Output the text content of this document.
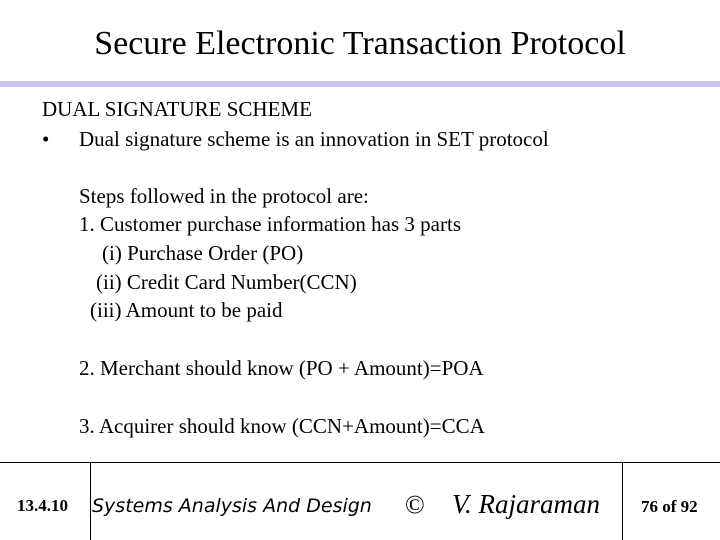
Secure Electronic Transaction Protocol
DUAL SIGNATURE SCHEME
• Dual signature scheme is an innovation in SET protocol
Steps followed in the protocol are:
1. Customer purchase information has 3 parts
(i) Purchase Order (PO)
(ii) Credit Card Number(CCN)
(iii) Amount to be paid
2. Merchant should know (PO + Amount)=POA
3. Acquirer should know (CCN+Amount)=CCA
13.4.10 Systems Analysis And Design © V. Rajaraman 76 of 92
